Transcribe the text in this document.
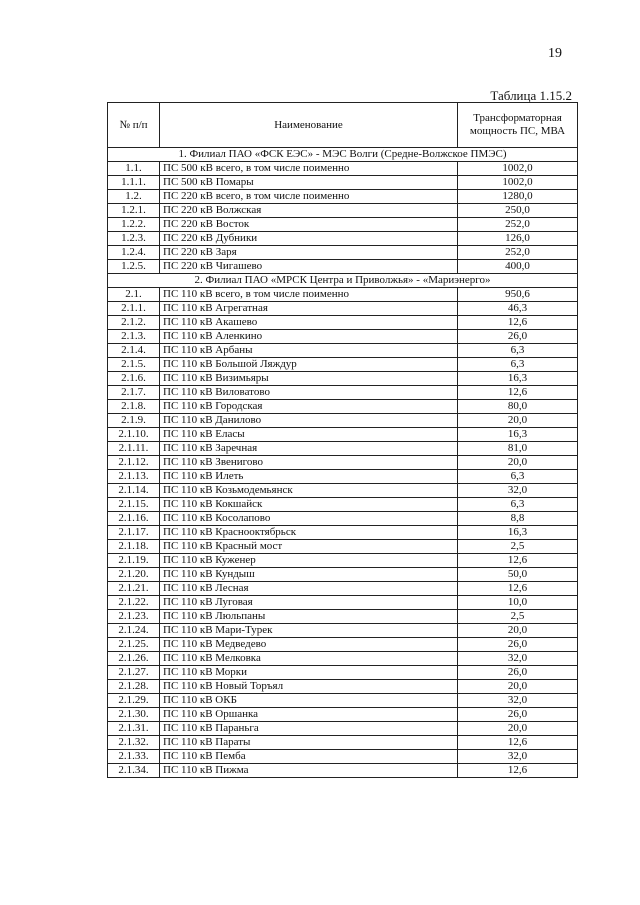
19
Таблица 1.15.2
№ п/п	Наименование	Трансформаторная мощность ПС, МВА
1. Филиал ПАО «ФСК ЕЭС» - МЭС Волги (Средне-Волжское ПМЭС)		
1.1.	ПС 500 кВ всего, в том числе поименно	1002,0
1.1.1.	ПС 500 кВ Помары	1002,0
1.2.	ПС 220 кВ всего, в том числе поименно	1280,0
1.2.1.	ПС 220 кВ Волжская	250,0
1.2.2.	ПС 220 кВ Восток	252,0
1.2.3.	ПС 220 кВ Дубники	126,0
1.2.4.	ПС 220 кВ Заря	252,0
1.2.5.	ПС 220 кВ Чигашево	400,0
2. Филиал ПАО «МРСК Центра и Приволжья» - «Мариэнерго»		
2.1.	ПС 110 кВ всего, в том числе поименно	950,6
2.1.1.	ПС 110 кВ Агрегатная	46,3
2.1.2.	ПС 110 кВ Акашево	12,6
2.1.3.	ПС 110 кВ Аленкино	26,0
2.1.4.	ПС 110 кВ Арбаны	6,3
2.1.5.	ПС 110 кВ Большой Ляждур	6,3
2.1.6.	ПС 110 кВ Визимьяры	16,3
2.1.7.	ПС 110 кВ Виловатово	12,6
2.1.8.	ПС 110 кВ Городская	80,0
2.1.9.	ПС 110 кВ Данилово	20,0
2.1.10.	ПС 110 кВ Еласы	16,3
2.1.11.	ПС 110 кВ Заречная	81,0
2.1.12.	ПС 110 кВ Звенигово	20,0
2.1.13.	ПС 110 кВ Илеть	6,3
2.1.14.	ПС 110 кВ Козьмодемьянск	32,0
2.1.15.	ПС 110 кВ Кокшайск	6,3
2.1.16.	ПС 110 кВ Косолапово	8,8
2.1.17.	ПС 110 кВ Краснооктябрьск	16,3
2.1.18.	ПС 110 кВ Красный мост	2,5
2.1.19.	ПС 110 кВ Куженер	12,6
2.1.20.	ПС 110 кВ Кундыш	50,0
2.1.21.	ПС 110 кВ Лесная	12,6
2.1.22.	ПС 110 кВ Луговая	10,0
2.1.23.	ПС 110 кВ Люльпаны	2,5
2.1.24.	ПС 110 кВ Мари-Турек	20,0
2.1.25.	ПС 110 кВ Медведево	26,0
2.1.26.	ПС 110 кВ Мелковка	32,0
2.1.27.	ПС 110 кВ Морки	26,0
2.1.28.	ПС 110 кВ Новый Торъял	20,0
2.1.29.	ПС 110 кВ ОКБ	32,0
2.1.30.	ПС 110 кВ Оршанка	26,0
2.1.31.	ПС 110 кВ Параньга	20,0
2.1.32.	ПС 110 кВ Параты	12,6
2.1.33.	ПС 110 кВ Пемба	32,0
2.1.34.	ПС 110 кВ Пижма	12,6
